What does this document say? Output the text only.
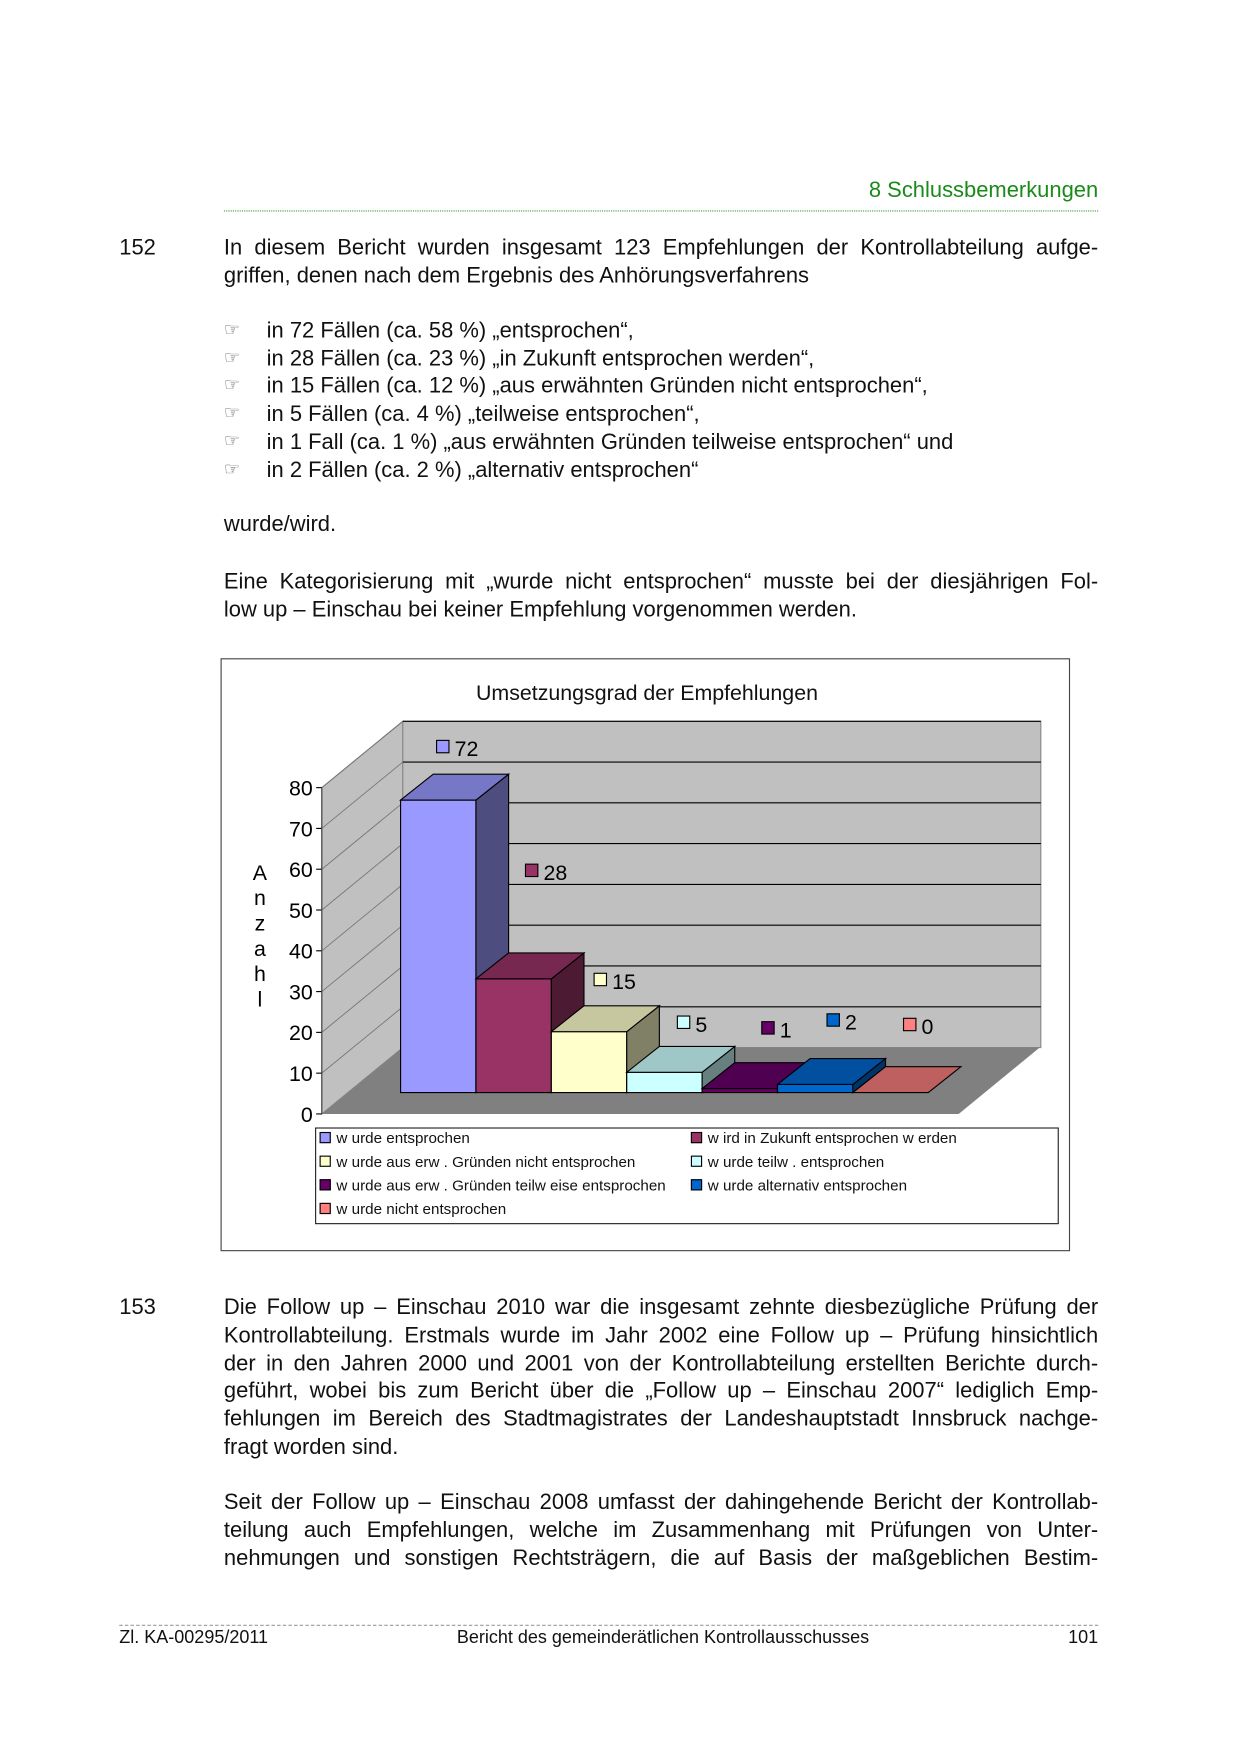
8 Schlussbemerkungen
152	In diesem Bericht wurden insgesamt 123 Empfehlungen der Kontrollabteilung aufge-
griffen, denen nach dem Ergebnis des Anhörungsverfahrens
☞ in 72 Fällen (ca. 58 %) „entsprochen“,
☞ in 28 Fällen (ca. 23 %) „in Zukunft entsprochen werden“,
☞ in 15 Fällen (ca. 12 %) „aus erwähnten Gründen nicht entsprochen“,
☞ in 5 Fällen (ca. 4 %) „teilweise entsprochen“,
☞ in 1 Fall (ca. 1 %) „aus erwähnten Gründen teilweise entsprochen“ und
☞ in 2 Fällen (ca. 2 %) „alternativ entsprochen“
wurde/wird.
Eine Kategorisierung mit „wurde nicht entsprochen“ musste bei der diesjährigen Fol-
low up – Einschau bei keiner Empfehlung vorgenommen werden.
Umsetzungsgrad der Empfehlungen
0
10
20
30
40
50
60
70
80
A
n
z
a
h
l
72
28
15
5	1	2	0
w urde entsprochen	w ird in Zukunft entsprochen w erden
w urde aus erw . Gründen nicht entsprochen	w urde teilw . entsprochen
w urde aus erw . Gründen teilw eise entsprochen	w urde alternativ entsprochen
w urde nicht entsprochen
153	Die Follow up – Einschau 2010 war die insgesamt zehnte diesbezügliche Prüfung der
Kontrollabteilung. Erstmals wurde im Jahr 2002 eine Follow up – Prüfung hinsichtlich
der in den Jahren 2000 und 2001 von der Kontrollabteilung erstellten Berichte durch-
geführt, wobei bis zum Bericht über die „Follow up – Einschau 2007“ lediglich Emp-
fehlungen im Bereich des Stadtmagistrates der Landeshauptstadt Innsbruck nachge-
fragt worden sind.
Seit der Follow up – Einschau 2008 umfasst der dahingehende Bericht der Kontrollab-
teilung auch Empfehlungen, welche im Zusammenhang mit Prüfungen von Unter-
nehmungen und sonstigen Rechtsträgern, die auf Basis der maßgeblichen Bestim-
Zl. KA-00295/2011	Bericht des gemeinderätlichen Kontrollausschusses	101
